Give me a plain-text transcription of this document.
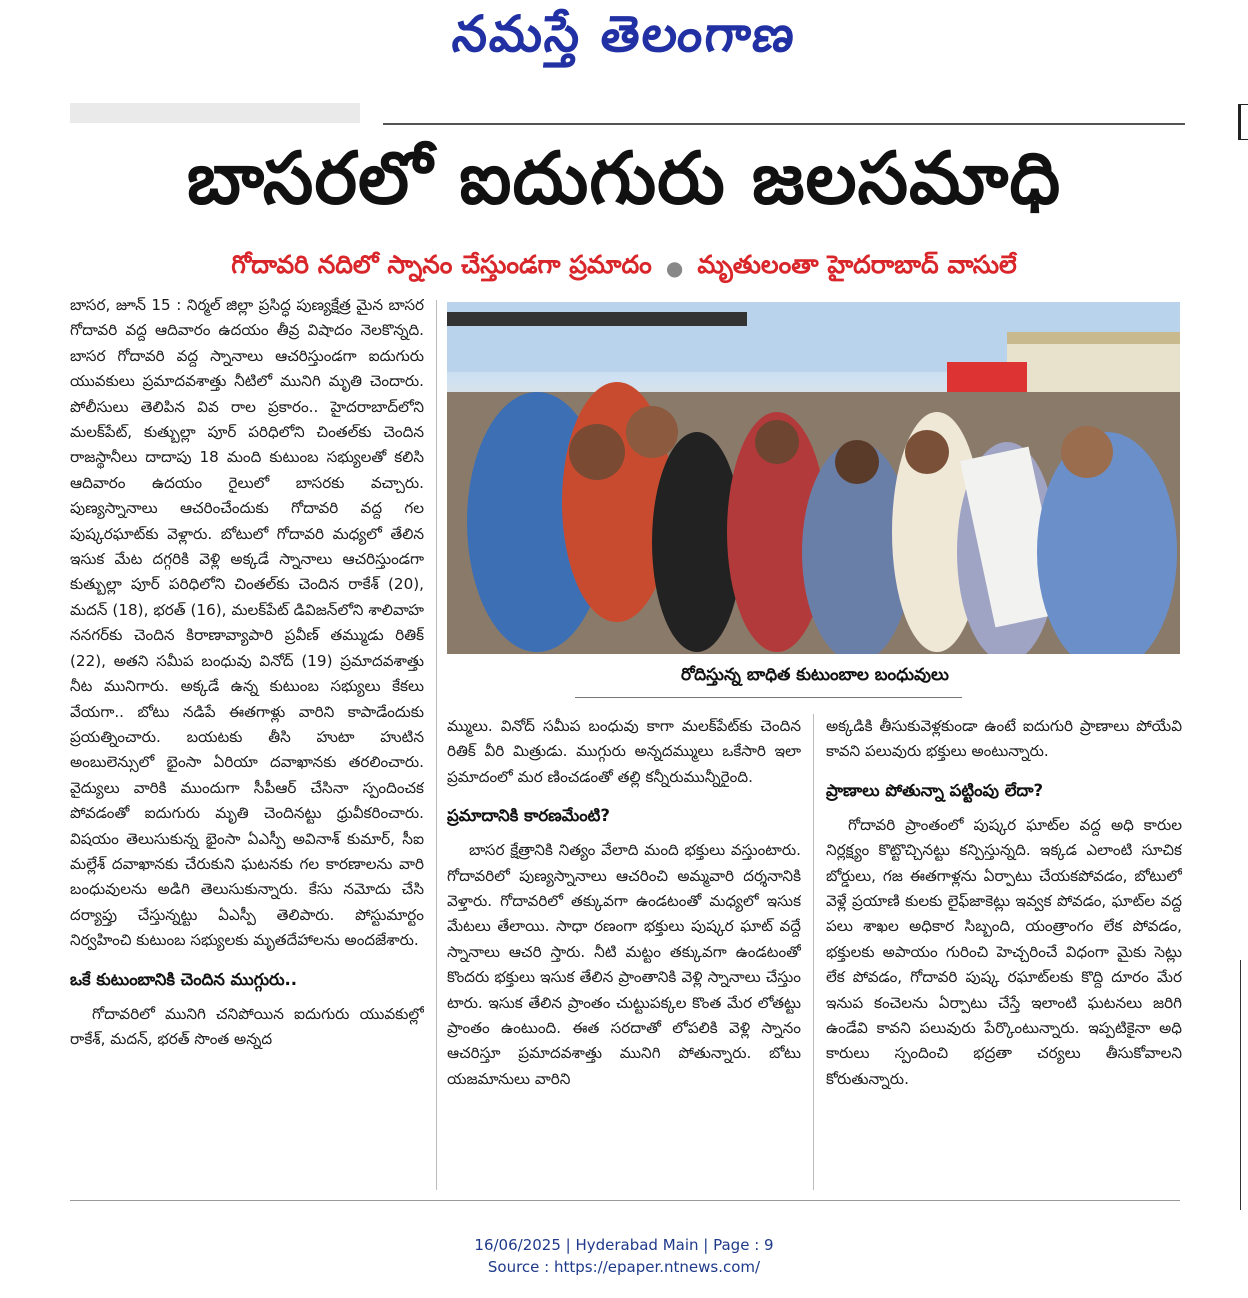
నమస్తే తెలంగాణ
బాసరలో ఐదుగురు జలసమాధి
గోదావరి నదిలో స్నానం చేస్తుండగా ప్రమాదం ● మృతులంతా హైదరాబాద్ వాసులే

బాసర, జూన్ 15 : నిర్మల్ జిల్లా ప్రసిద్ధ పుణ్యక్షేత్ర మైన బాసర గోదావరి వద్ద ఆదివారం ఉదయం తీవ్ర విషాదం నెలకొన్నది. బాసర గోదావరి వద్ద స్నానాలు ఆచరిస్తుండగా ఐదుగురు యువకులు ప్రమాదవశాత్తు నీటిలో మునిగి మృతి చెందారు. పోలీసులు తెలిపిన వివ రాల ప్రకారం.. హైదరాబాద్‌లోని మలక్‌పేట్, కుత్బుల్లా పూర్ పరిధిలోని చింతల్‌కు చెందిన రాజస్థానీలు దాదాపు 18 మంది కుటుంబ సభ్యులతో కలిసి ఆదివారం ఉదయం రైలులో బాసరకు వచ్చారు. పుణ్యస్నానాలు ఆచరించేందుకు గోదావరి వద్ద గల పుష్కరఘాట్‌కు వెళ్లారు. బోటులో గోదావరి మధ్యలో తేలిన ఇసుక మేట దగ్గరికి వెళ్లి అక్కడే స్నానాలు ఆచరిస్తుండగా కుత్బుల్లా పూర్ పరిధిలోని చింతల్‌కు చెందిన రాకేశ్ (20), మదన్ (18), భరత్ (16), మలక్‌పేట్ డివిజన్‌లోని శాలివాహ ననగర్‌కు చెందిన కిరాణావ్యాపారి ప్రవీణ్ తమ్ముడు రితిక్ (22), అతని సమీప బంధువు వినోద్ (19) ప్రమాదవశాత్తు నీట మునిగారు. అక్కడే ఉన్న కుటుంబ సభ్యులు కేకలు వేయగా.. బోటు నడిపే ఈతగాళ్లు వారిని కాపాడేందుకు ప్రయత్నించారు. బయటకు తీసి హుటా హుటిన అంబులెన్సులో భైంసా ఏరియా దవాఖానకు తరలించారు. వైద్యులు వారికి ముందుగా సీపీఆర్ చేసినా స్పందించక పోవడంతో ఐదుగురు మృతి చెందినట్టు ధ్రువీకరించారు. విషయం తెలుసుకున్న భైంసా ఏఎస్పీ అవినాశ్ కుమార్, సీఐ మల్లేశ్ దవాఖానకు చేరుకుని ఘటనకు గల కారణాలను వారి బంధువులను అడిగి తెలుసుకున్నారు. కేసు నమోదు చేసి దర్యాప్తు చేస్తున్నట్టు ఏఎస్పీ తెలిపారు. పోస్టుమార్టం నిర్వహించి కుటుంబ సభ్యులకు మృతదేహాలను అందజేశారు.

ఒకే కుటుంబానికి చెందిన ముగ్గురు..

గోదావరిలో మునిగి చనిపోయిన ఐదుగురు యువకుల్లో రాకేశ్, మదన్, భరత్ సొంత అన్నద

రోదిస్తున్న బాధిత కుటుంబాల బంధువులు

మ్ములు. వినోద్ సమీప బంధువు కాగా మలక్‌పేట్‌కు చెందిన రితిక్ వీరి మిత్రుడు. ముగ్గురు అన్నదమ్ములు ఒకేసారి ఇలా ప్రమాదంలో మర ణించడంతో తల్లి కన్నీరుమున్నీరైంది.

ప్రమాదానికి కారణమేంటి?

బాసర క్షేత్రానికి నిత్యం వేలాది మంది భక్తులు వస్తుంటారు. గోదావరిలో పుణ్యస్నానాలు ఆచరించి అమ్మవారి దర్శనానికి వెళ్తారు. గోదావరిలో తక్కువగా ఉండటంతో మధ్యలో ఇసుక మేటలు తేలాయి. సాధా రణంగా భక్తులు పుష్కర ఘాట్ వద్దే స్నానాలు ఆచరి స్తారు. నీటి మట్టం తక్కువగా ఉండటంతో కొందరు భక్తులు ఇసుక తేలిన ప్రాంతానికి వెళ్లి స్నానాలు చేస్తుం టారు. ఇసుక తేలిన ప్రాంతం చుట్టుపక్కల కొంత మేర లోతట్టు ప్రాంతం ఉంటుంది. ఈత సరదాతో లోపలికి వెళ్లి స్నానం ఆచరిస్తూ ప్రమాదవశాత్తు మునిగి పోతున్నారు. బోటు యజమానులు వారిని

అక్కడికి తీసుకువెళ్లకుండా ఉంటే ఐదుగురి ప్రాణాలు పోయేవి కావని పలువురు భక్తులు అంటున్నారు.

ప్రాణాలు పోతున్నా పట్టింపు లేదా?

గోదావరి ప్రాంతంలో పుష్కర ఘాట్‌ల వద్ద అధి కారుల నిర్లక్ష్యం కొట్టొచ్చినట్టు కన్పిస్తున్నది. ఇక్కడ ఎలాంటి సూచిక బోర్డులు, గజ ఈతగాళ్లను ఏర్పాటు చేయకపోవడం, బోటులో వెళ్లే ప్రయాణి కులకు లైఫ్‌జాకెట్లు ఇవ్వక పోవడం, ఘాట్‌ల వద్ద పలు శాఖల అధికార సిబ్బంది, యంత్రాంగం లేక పోవడం, భక్తులకు అపాయం గురించి హెచ్చరించే విధంగా మైకు సెట్లు లేక పోవడం, గోదావరి పుష్క రఘాట్‌లకు కొద్ది దూరం మేర ఇనుప కంచెలను ఏర్పాటు చేస్తే ఇలాంటి ఘటనలు జరిగి ఉండేవి కావని పలువురు పేర్కొంటున్నారు. ఇప్పటికైనా అధి కారులు స్పందించి భద్రతా చర్యలు తీసుకోవాలని కోరుతున్నారు.

16/06/2025 | Hyderabad Main | Page : 9
Source : https://epaper.ntnews.com/
